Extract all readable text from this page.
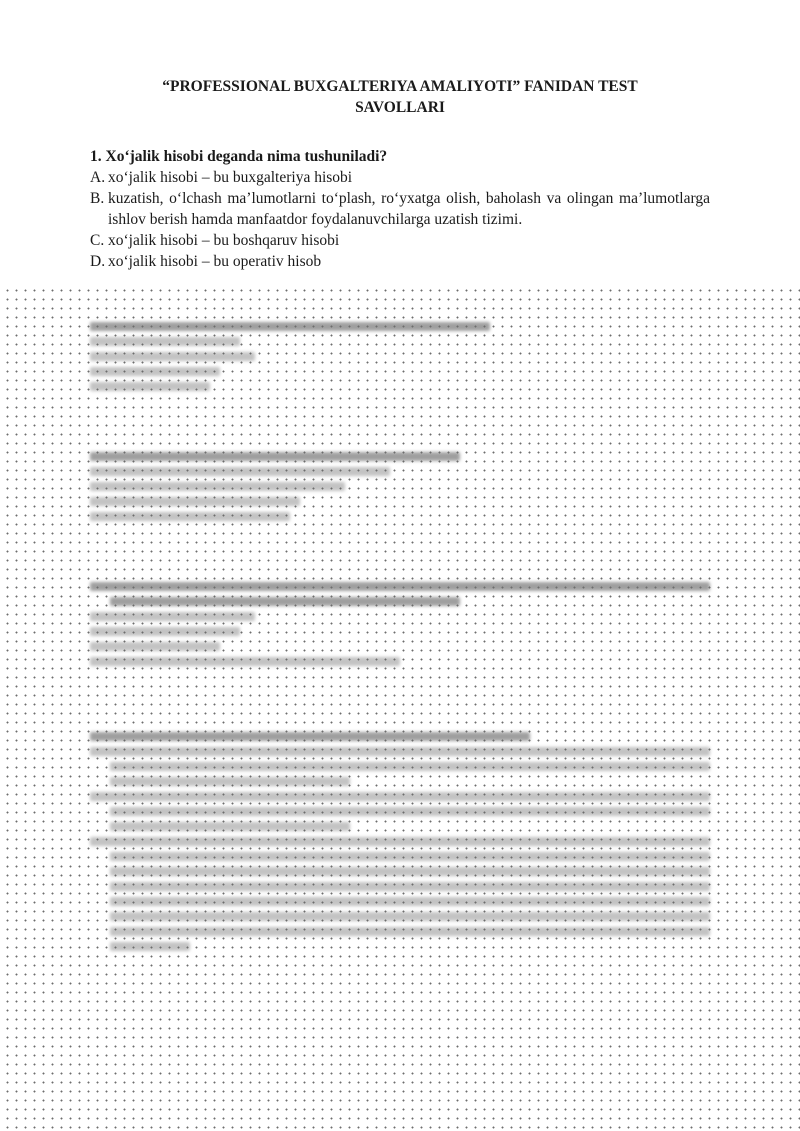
“PROFESSIONAL BUXGALTERIYA AMALIYOTI” FANIDAN TEST
SAVOLLARI
1. Xo‘jalik hisobi deganda nima tushuniladi?
A. xo‘jalik hisobi – bu buxgalteriya hisobi
B. kuzatish, o‘lchash ma’lumotlarni to‘plash, ro‘yxatga olish, baholash va olingan ma’lumotlarga ishlov berish hamda manfaatdor foydalanuvchilarga uzatish tizimi.
C. xo‘jalik hisobi – bu boshqaruv hisobi
D. xo‘jalik hisobi – bu operativ hisob
